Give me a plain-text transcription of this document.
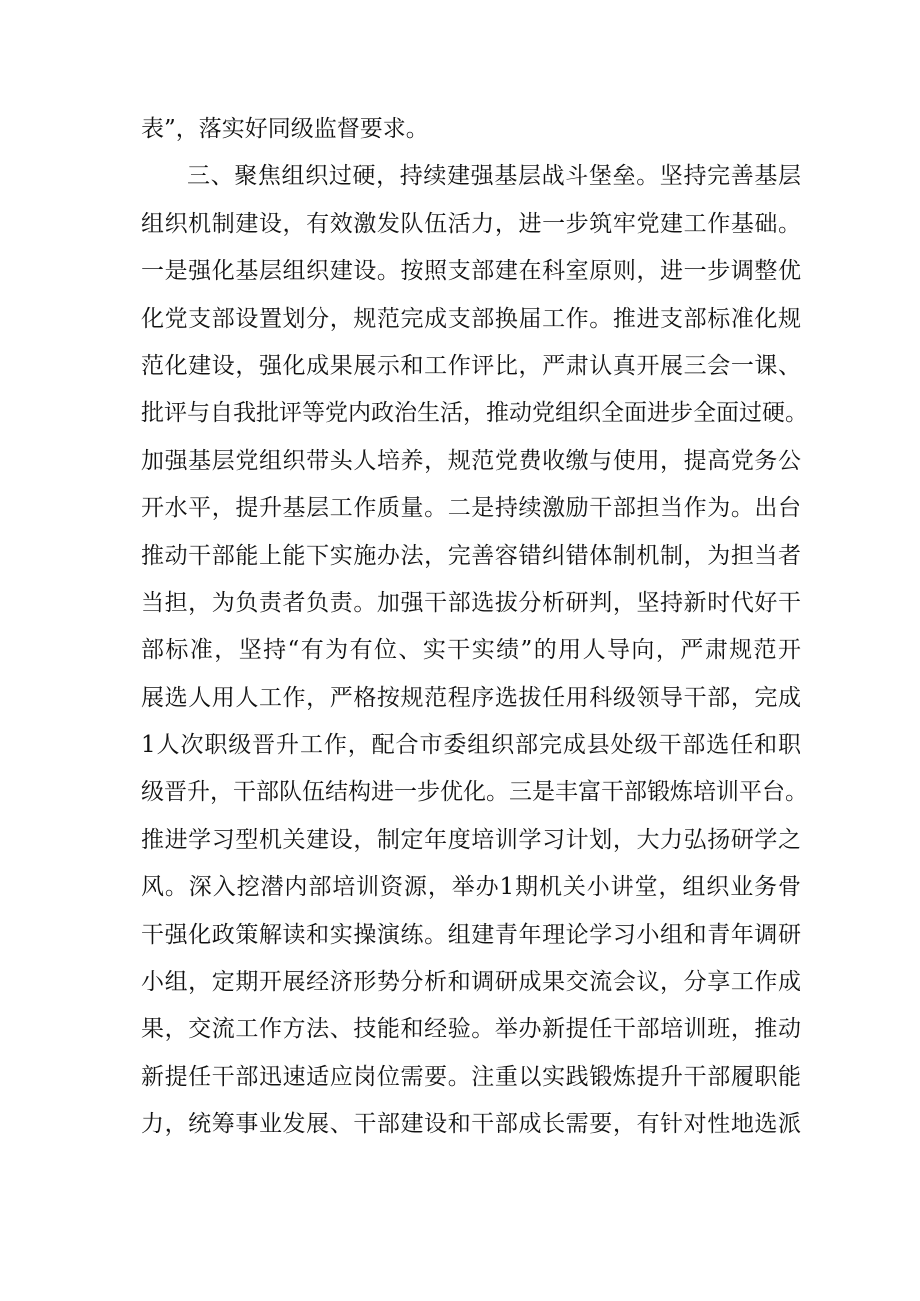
表”，落实好同级监督要求。
三、聚焦组织过硬，持续建强基层战斗堡垒。坚持完善基层
组织机制建设，有效激发队伍活力，进一步筑牢党建工作基础。
一是强化基层组织建设。按照支部建在科室原则，进一步调整优
化党支部设置划分，规范完成支部换届工作。推进支部标准化规
范化建设，强化成果展示和工作评比，严肃认真开展三会一课、
批评与自我批评等党内政治生活，推动党组织全面进步全面过硬。
加强基层党组织带头人培养，规范党费收缴与使用，提高党务公
开水平，提升基层工作质量。二是持续激励干部担当作为。出台
推动干部能上能下实施办法，完善容错纠错体制机制，为担当者
当担，为负责者负责。加强干部选拔分析研判，坚持新时代好干
部标准，坚持“有为有位、实干实绩”的用人导向，严肃规范开
展选人用人工作，严格按规范程序选拔任用科级领导干部，完成
1人次职级晋升工作，配合市委组织部完成县处级干部选任和职
级晋升，干部队伍结构进一步优化。三是丰富干部锻炼培训平台。
推进学习型机关建设，制定年度培训学习计划，大力弘扬研学之
风。深入挖潜内部培训资源，举办1期机关小讲堂，组织业务骨
干强化政策解读和实操演练。组建青年理论学习小组和青年调研
小组，定期开展经济形势分析和调研成果交流会议，分享工作成
果，交流工作方法、技能和经验。举办新提任干部培训班，推动
新提任干部迅速适应岗位需要。注重以实践锻炼提升干部履职能
力，统筹事业发展、干部建设和干部成长需要，有针对性地选派
